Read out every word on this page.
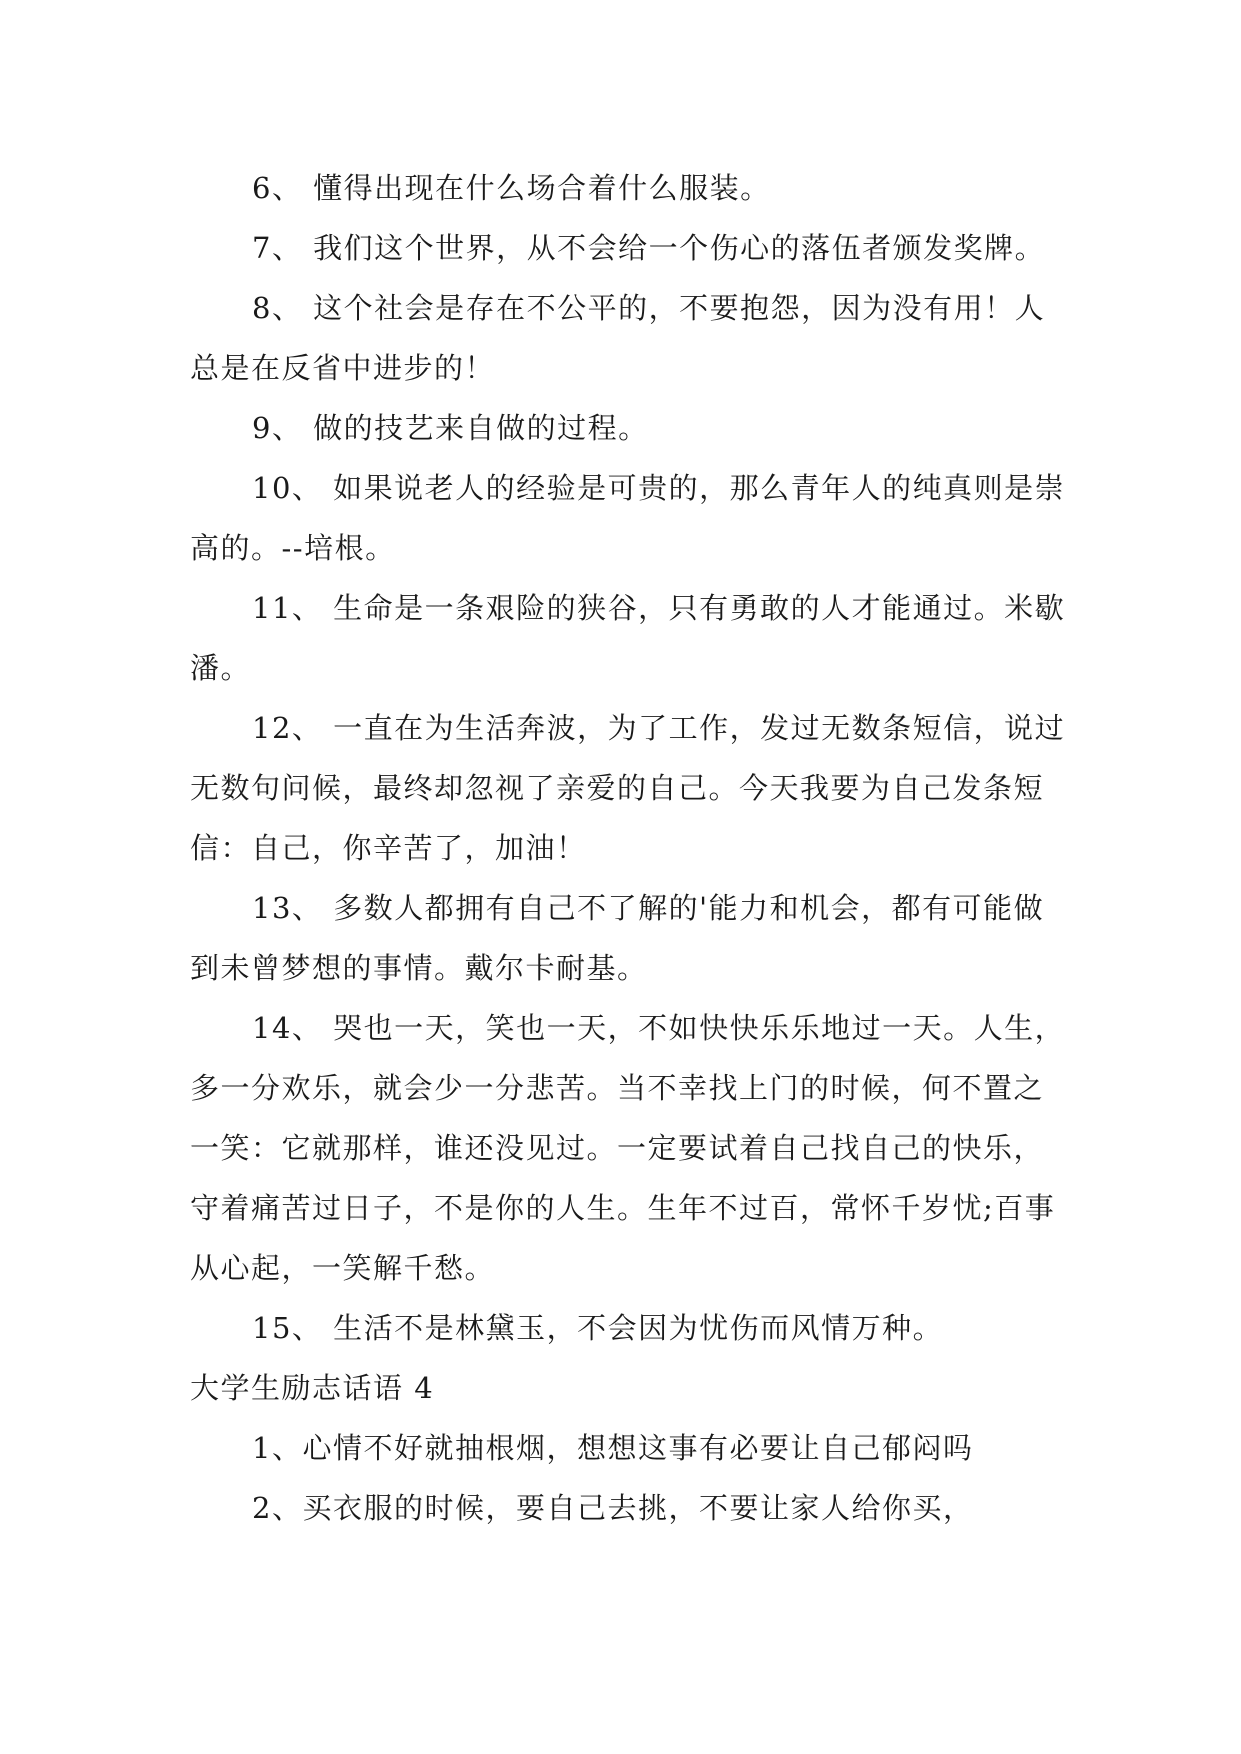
6、 懂得出现在什么场合着什么服装。

7、 我们这个世界，从不会给一个伤心的落伍者颁发奖牌。

8、 这个社会是存在不公平的，不要抱怨，因为没有用！人总是在反省中进步的！

9、 做的技艺来自做的过程。

10、 如果说老人的经验是可贵的，那么青年人的纯真则是崇高的。--培根。

11、 生命是一条艰险的狭谷，只有勇敢的人才能通过。米歇潘。

12、 一直在为生活奔波，为了工作，发过无数条短信，说过无数句问候，最终却忽视了亲爱的自己。今天我要为自己发条短信：自己，你辛苦了，加油！

13、 多数人都拥有自己不了解的'能力和机会，都有可能做到未曾梦想的事情。戴尔卡耐基。

14、 哭也一天，笑也一天，不如快快乐乐地过一天。人生，多一分欢乐，就会少一分悲苦。当不幸找上门的时候，何不置之一笑：它就那样，谁还没见过。一定要试着自己找自己的快乐，守着痛苦过日子，不是你的人生。生年不过百，常怀千岁忧;百事从心起，一笑解千愁。

15、 生活不是林黛玉，不会因为忧伤而风情万种。

大学生励志话语 4

1、心情不好就抽根烟，想想这事有必要让自己郁闷吗

2、买衣服的时候，要自己去挑，不要让家人给你买，
